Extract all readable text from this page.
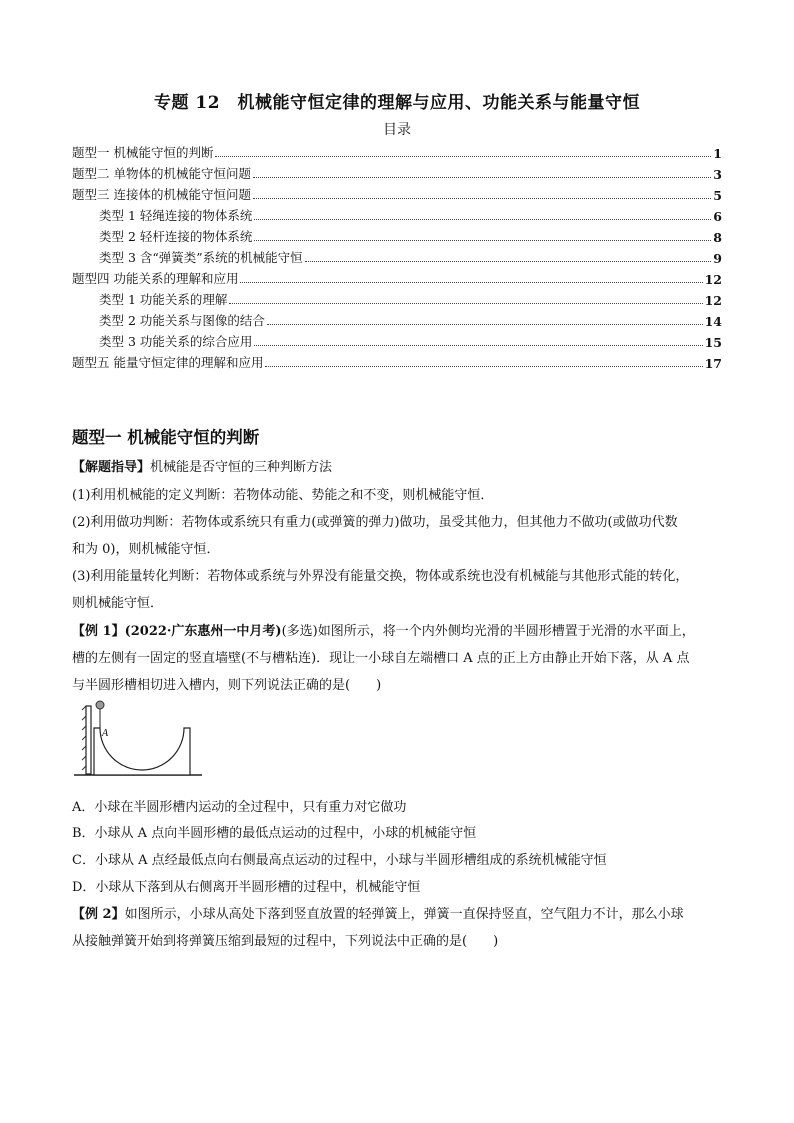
专题 12　机械能守恒定律的理解与应用、功能关系与能量守恒
目录
题型一 机械能守恒的判断	1
题型二 单物体的机械能守恒问题	3
题型三 连接体的机械能守恒问题	5
类型 1 轻绳连接的物体系统	6
类型 2 轻杆连接的物体系统	8
类型 3 含“弹簧类”系统的机械能守恒	9
题型四 功能关系的理解和应用	12
类型 1 功能关系的理解	12
类型 2 功能关系与图像的结合	14
类型 3 功能关系的综合应用	15
题型五 能量守恒定律的理解和应用	17
题型一 机械能守恒的判断
【解题指导】机械能是否守恒的三种判断方法
(1)利用机械能的定义判断：若物体动能、势能之和不变，则机械能守恒．
(2)利用做功判断：若物体或系统只有重力(或弹簧的弹力)做功，虽受其他力，但其他力不做功(或做功代数
和为 0)，则机械能守恒．
(3)利用能量转化判断：若物体或系统与外界没有能量交换，物体或系统也没有机械能与其他形式能的转化，
则机械能守恒．
【例 1】(2022·广东惠州一中月考)(多选)如图所示，将一个内外侧均光滑的半圆形槽置于光滑的水平面上，
槽的左侧有一固定的竖直墙壁(不与槽粘连)．现让一小球自左端槽口 A 点的正上方由静止开始下落，从 A 点
与半圆形槽相切进入槽内，则下列说法正确的是(　　)
A
A．小球在半圆形槽内运动的全过程中，只有重力对它做功
B．小球从 A 点向半圆形槽的最低点运动的过程中，小球的机械能守恒
C．小球从 A 点经最低点向右侧最高点运动的过程中，小球与半圆形槽组成的系统机械能守恒
D．小球从下落到从右侧离开半圆形槽的过程中，机械能守恒
【例 2】如图所示，小球从高处下落到竖直放置的轻弹簧上，弹簧一直保持竖直，空气阻力不计，那么小球
从接触弹簧开始到将弹簧压缩到最短的过程中，下列说法中正确的是(　　)
